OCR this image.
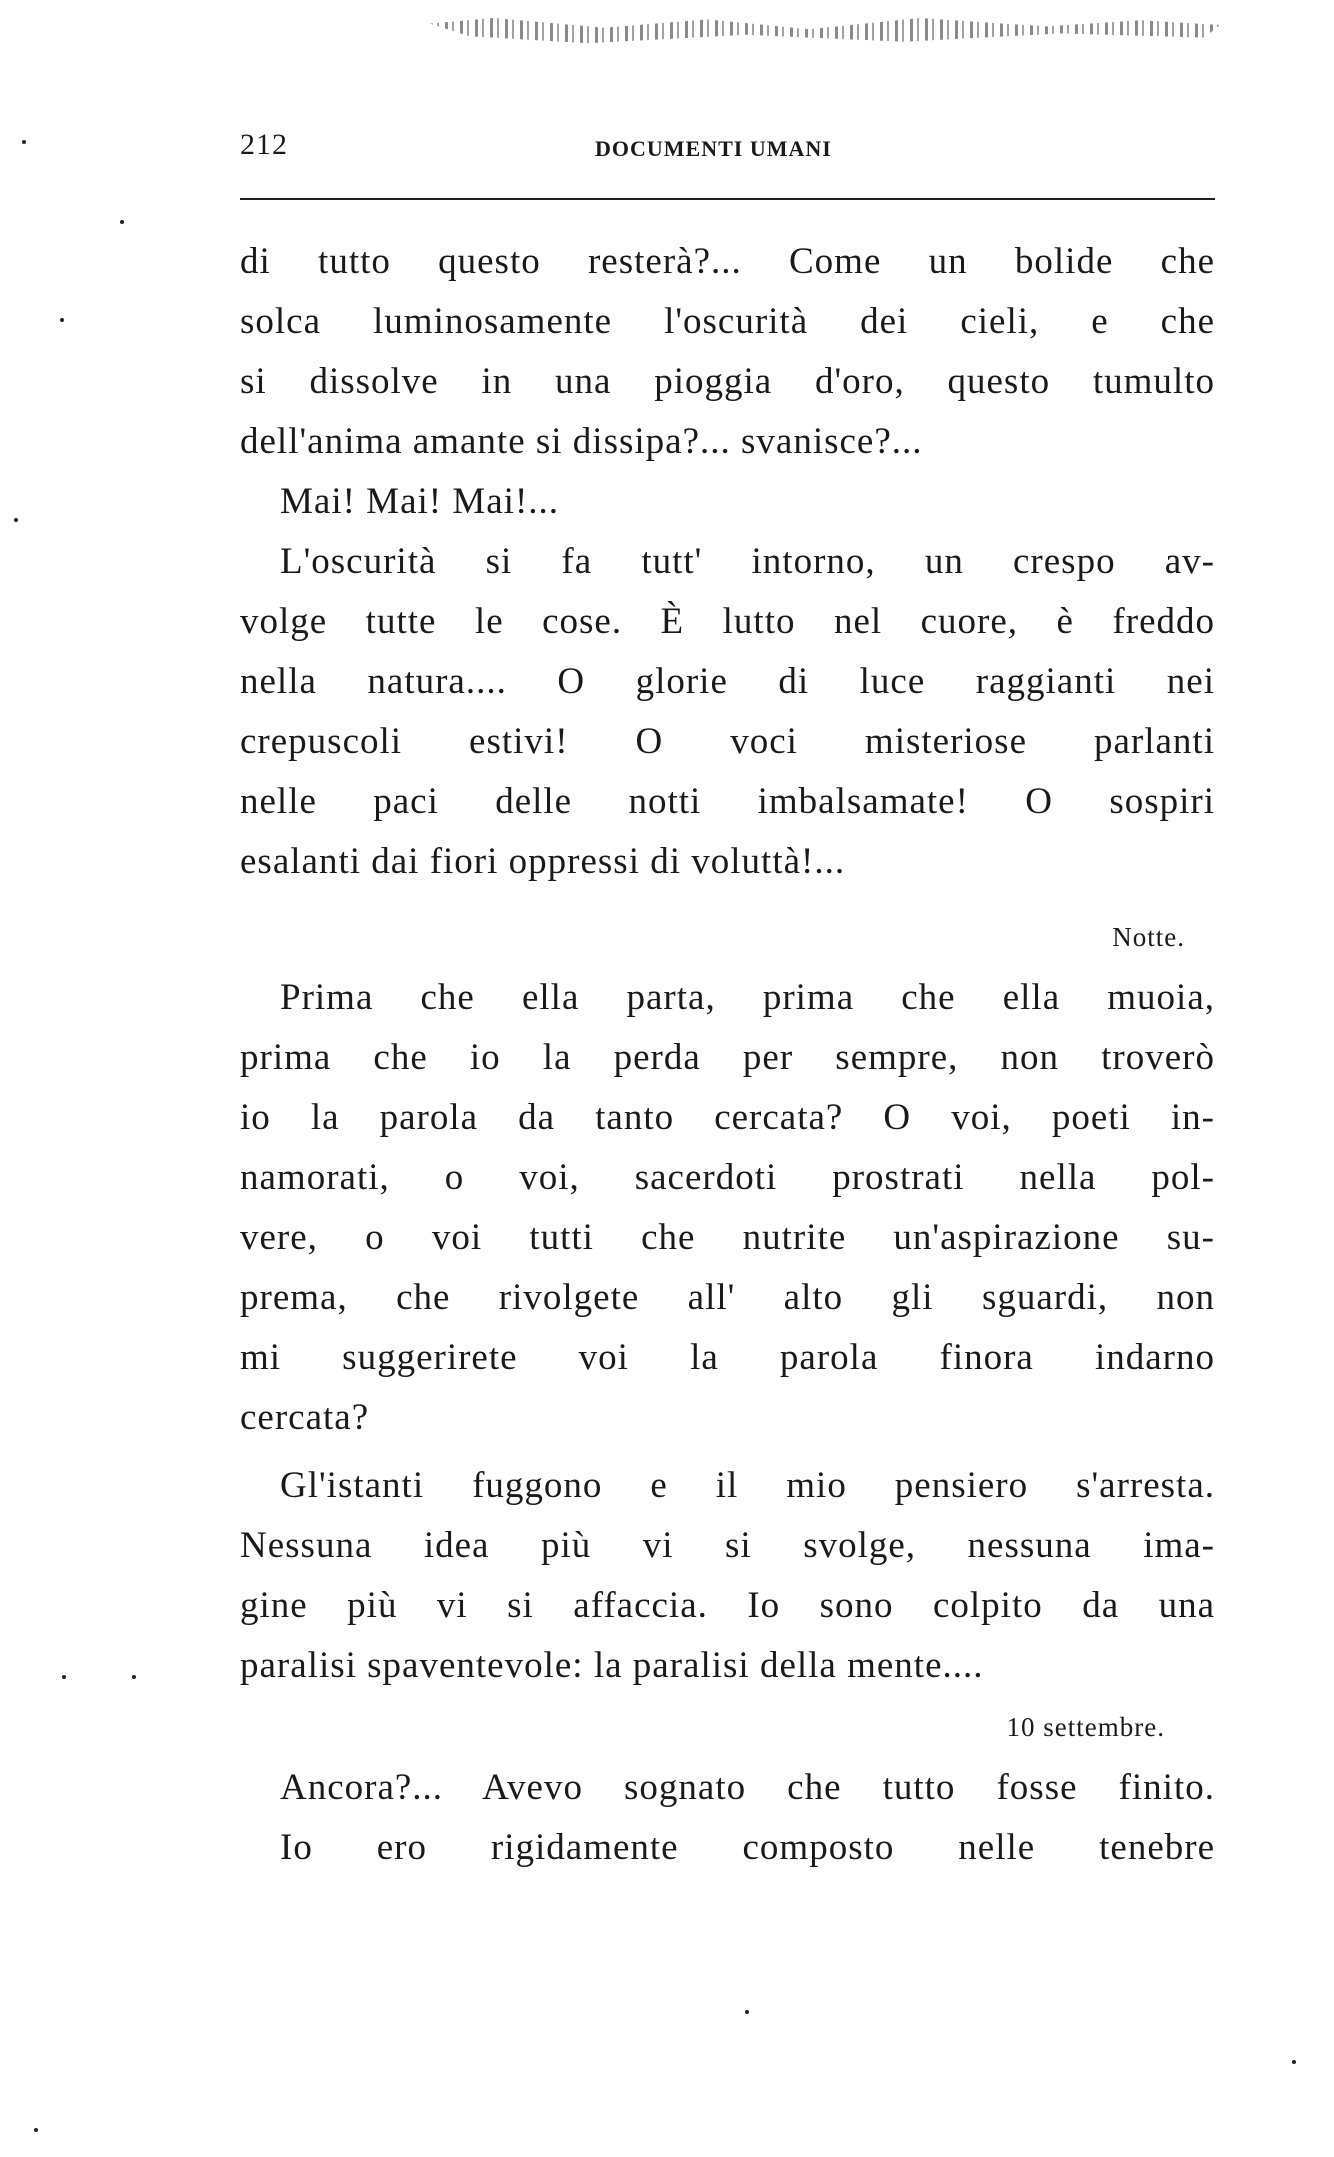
212	DOCUMENTI UMANI
di tutto questo resterà?... Come un bolide che
solca luminosamente l'oscurità dei cieli, e che
si dissolve in una pioggia d'oro, questo tumulto
dell'anima amante si dissipa?... svanisce?...
Mai! Mai! Mai!...
L'oscurità si fa tutt' intorno, un crespo av-
volge tutte le cose. È lutto nel cuore, è freddo
nella natura.... O glorie di luce raggianti nei
crepuscoli estivi! O voci misteriose parlanti
nelle paci delle notti imbalsamate! O sospiri
esalanti dai fiori oppressi di voluttà!...
Notte.
Prima che ella parta, prima che ella muoia,
prima che io la perda per sempre, non troverò
io la parola da tanto cercata? O voi, poeti in-
namorati, o voi, sacerdoti prostrati nella pol-
vere, o voi tutti che nutrite un'aspirazione su-
prema, che rivolgete all' alto gli sguardi, non
mi suggerirete voi la parola finora indarno
cercata?
Gl'istanti fuggono e il mio pensiero s'arresta.
Nessuna idea più vi si svolge, nessuna ima-
gine più vi si affaccia. Io sono colpito da una
paralisi spaventevole: la paralisi della mente....
10 settembre.
Ancora?... Avevo sognato che tutto fosse finito.
Io ero rigidamente composto nelle tenebre
